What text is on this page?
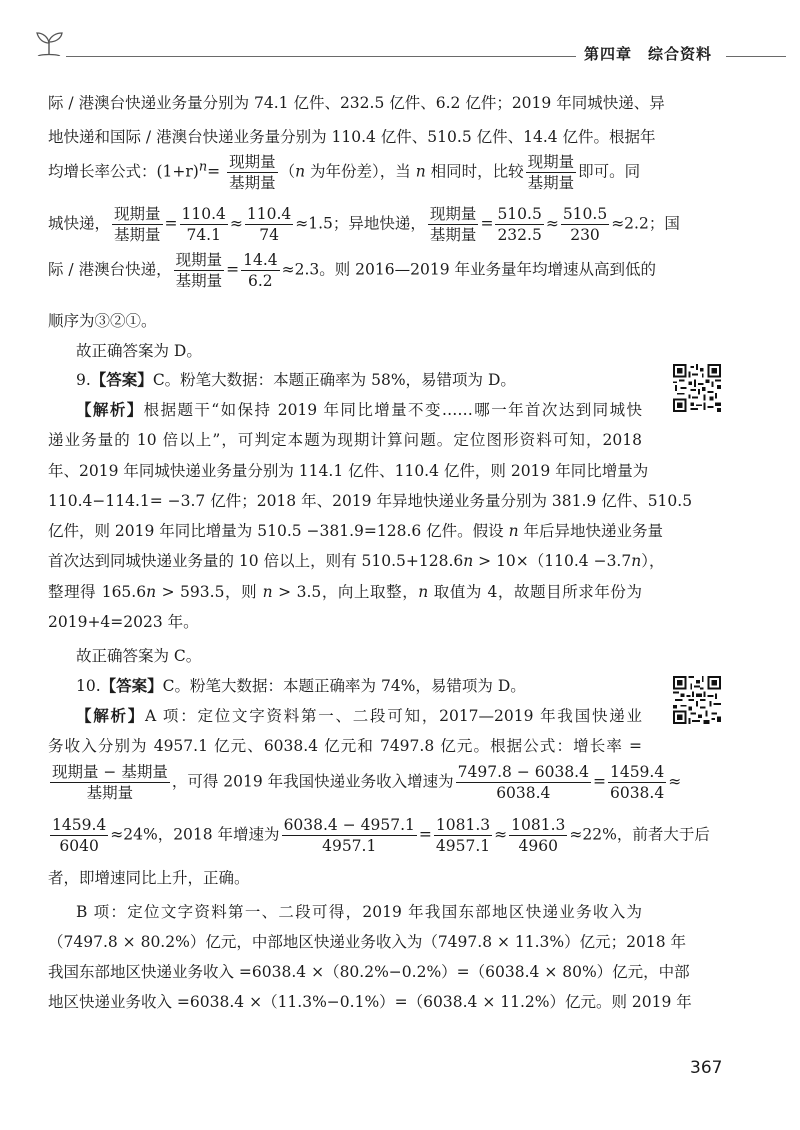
第四章 综合资料
际 / 港澳台快递业务量分别为 74.1 亿件、232.5 亿件、6.2 亿件；2019 年同城快递、异
地快递和国际 / 港澳台快递业务量分别为 110.4 亿件、510.5 亿件、14.4 亿件。根据年
均增长率公式：$(1+r)^n= \frac{\text{现期量}}{\text{基期量}} (n$ 为年份差），当 n 相同时，比较 $\frac{\text{现期量}}{\text{基期量}}$ 即可。同
城快递， $\frac{\text{现期量}}{\text{基期量}} = \frac{110.4}{74.1} \approx \frac{110.4}{74} \approx 1.5$；异地快递， $\frac{\text{现期量}}{\text{基期量}} = \frac{510.5}{232.5} \approx \frac{510.5}{230} \approx 2.2$；国
际 / 港澳台快递， $\frac{\text{现期量}}{\text{基期量}} = \frac{14.4}{6.2} \approx 2.3$。则 2016—2019 年业务量年均增速从高到低的
顺序为③②①。
故正确答案为 D。
9.【答案】C。粉笔大数据：本题正确率为 58%，易错项为 D。
【解析】根据题干“如保持 2019 年同比增量不变……哪一年首次达到同城快
递业务量的 10 倍以上”，可判定本题为现期计算问题。定位图形资料可知，2018
年、2019 年同城快递业务量分别为 114.1 亿件、110.4 亿件，则 2019 年同比增量为
110.4−114.1= −3.7 亿件；2018 年、2019 年异地快递业务量分别为 381.9 亿件、510.5
亿件，则 2019 年同比增量为 510.5 −381.9=128.6 亿件。假设 n 年后异地快递业务量
首次达到同城快递业务量的 10 倍以上，则有 510.5+128.6n > 10×（110.4 −3.7n），
整理得 165.6n > 593.5，则 n > 3.5，向上取整，n 取值为 4，故题目所求年份为
2019+4=2023 年。
故正确答案为 C。
10.【答案】C。粉笔大数据：本题正确率为 74%，易错项为 D。
【解析】A 项：定位文字资料第一、二段可知，2017—2019 年我国快递业
务收入分别为 4957.1 亿元、6038.4 亿元和 7497.8 亿元。根据公式：增长率 =
$\frac{\text{现期量 − 基期量}}{\text{基期量}}$ ，可得 2019 年我国快递业务收入增速为 $\frac{7497.8 - 6038.4}{6038.4} = \frac{1459.4}{6038.4}$ ≈
$\frac{1459.4}{6040} \approx 24\%$，2018 年增速为 $\frac{6038.4 - 4957.1}{4957.1} = \frac{1081.3}{4957.1} \approx \frac{1081.3}{4960} \approx 22\%$，前者大于后
者，即增速同比上升，正确。
B 项：定位文字资料第一、二段可得，2019 年我国东部地区快递业务收入为
（7497.8 × 80.2%）亿元，中部地区快递业务收入为（7497.8 × 11.3%）亿元；2018 年
我国东部地区快递业务收入 =6038.4 ×（80.2%−0.2%）=（6038.4 × 80%）亿元，中部
地区快递业务收入 =6038.4 ×（11.3%−0.1%）=（6038.4 × 11.2%）亿元。则 2019 年
367
